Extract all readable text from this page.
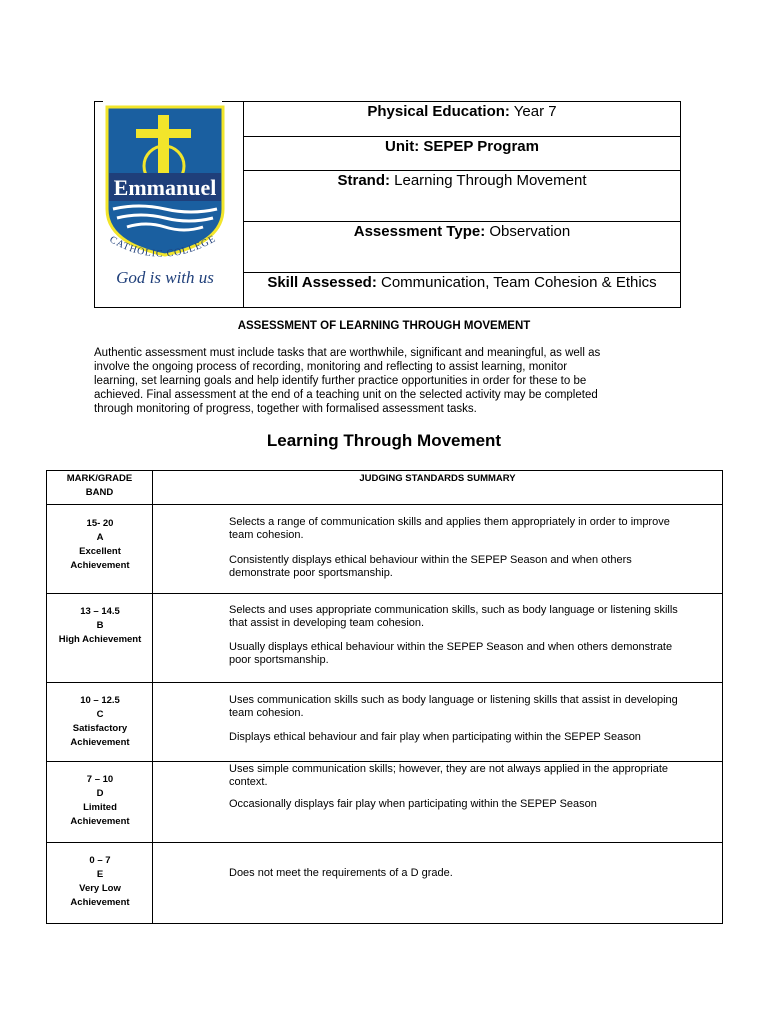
Emmanuel
CATHOLIC COLLEGE
God is with us
Physical Education: Year 7
Unit: SEPEP Program
Strand: Learning Through Movement
Assessment Type: Observation
Skill Assessed: Communication, Team Cohesion & Ethics
ASSESSMENT OF LEARNING THROUGH MOVEMENT
Authentic assessment must include tasks that are worthwhile, significant and meaningful, as well as
involve the ongoing process of recording, monitoring and reflecting to assist learning, monitor
learning, set learning goals and help identify further practice opportunities in order for these to be
achieved. Final assessment at the end of a teaching unit on the selected activity may be completed
through monitoring of progress, together with formalised assessment tasks.
Learning Through Movement
MARK/GRADE
BAND
JUDGING STANDARDS SUMMARY
15- 20
A
Excellent
Achievement
Selects a range of communication skills and applies them appropriately in order to improve
team cohesion.
Consistently displays ethical behaviour within the SEPEP Season and when others
demonstrate poor sportsmanship.
13 – 14.5
B
High Achievement
Selects and uses appropriate communication skills, such as body language or listening skills
that assist in developing team cohesion.
Usually displays ethical behaviour within the SEPEP Season and when others demonstrate
poor sportsmanship.
10 – 12.5
C
Satisfactory
Achievement
Uses communication skills such as body language or listening skills that assist in developing
team cohesion.
Displays ethical behaviour and fair play when participating within the SEPEP Season
7 – 10
D
Limited
Achievement
Uses simple communication skills; however, they are not always applied in the appropriate
context.
Occasionally displays fair play when participating within the SEPEP Season
0 – 7
E
Very Low
Achievement
Does not meet the requirements of a D grade.
